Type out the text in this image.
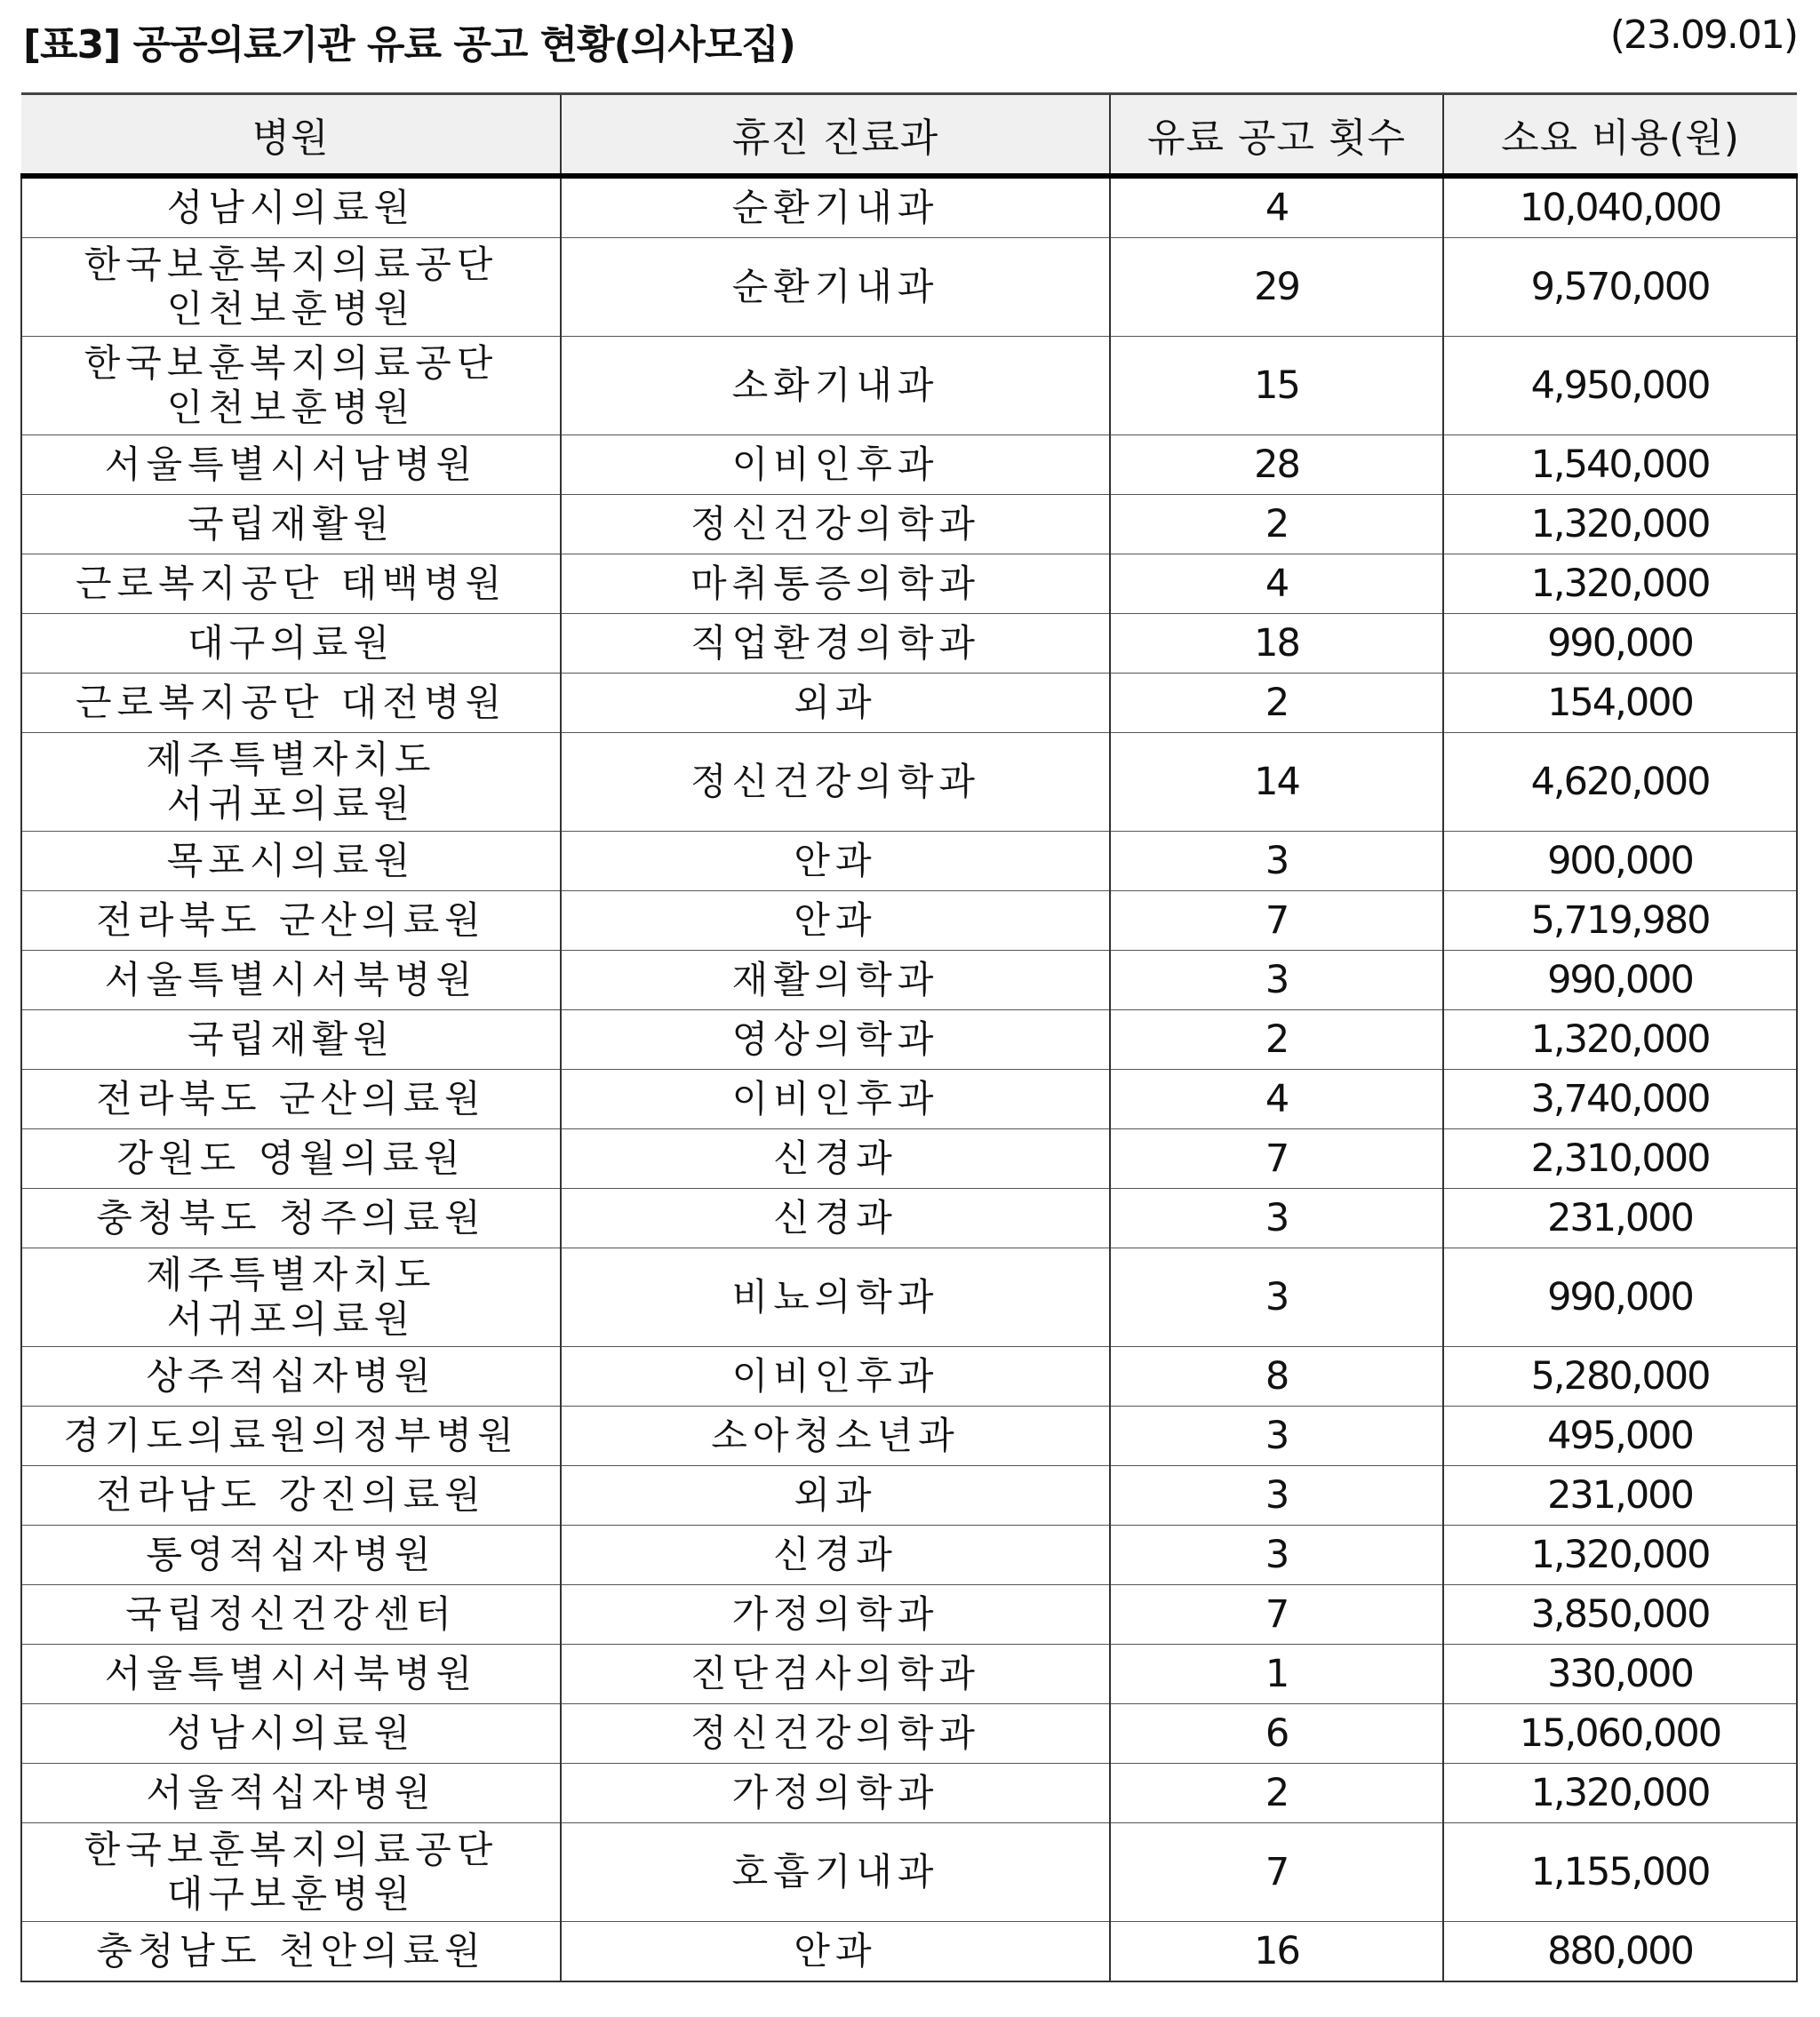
[표3] 공공의료기관 유료 공고 현황(의사모집)	(23.09.01)
병원	휴진 진료과	유료 공고 횟수	소요 비용(원)

성남시의료원	순환기내과	4	10,040,000

한국보훈복지의료공단
인천보훈병원	순환기내과	29	9,570,000

한국보훈복지의료공단
인천보훈병원	소화기내과	15	4,950,000

서울특별시서남병원	이비인후과	28	1,540,000

국립재활원	정신건강의학과	2	1,320,000

근로복지공단 태백병원	마취통증의학과	4	1,320,000

대구의료원	직업환경의학과	18	990,000

근로복지공단 대전병원	외과	2	154,000

제주특별자치도
서귀포의료원	정신건강의학과	14	4,620,000

목포시의료원	안과	3	900,000

전라북도 군산의료원	안과	7	5,719,980

서울특별시서북병원	재활의학과	3	990,000

국립재활원	영상의학과	2	1,320,000

전라북도 군산의료원	이비인후과	4	3,740,000

강원도 영월의료원	신경과	7	2,310,000

충청북도 청주의료원	신경과	3	231,000

제주특별자치도
서귀포의료원	비뇨의학과	3	990,000

상주적십자병원	이비인후과	8	5,280,000

경기도의료원의정부병원	소아청소년과	3	495,000

전라남도 강진의료원	외과	3	231,000

통영적십자병원	신경과	3	1,320,000

국립정신건강센터	가정의학과	7	3,850,000

서울특별시서북병원	진단검사의학과	1	330,000

성남시의료원	정신건강의학과	6	15,060,000

서울적십자병원	가정의학과	2	1,320,000

한국보훈복지의료공단
대구보훈병원	호흡기내과	7	1,155,000

충청남도 천안의료원	안과	16	880,000
